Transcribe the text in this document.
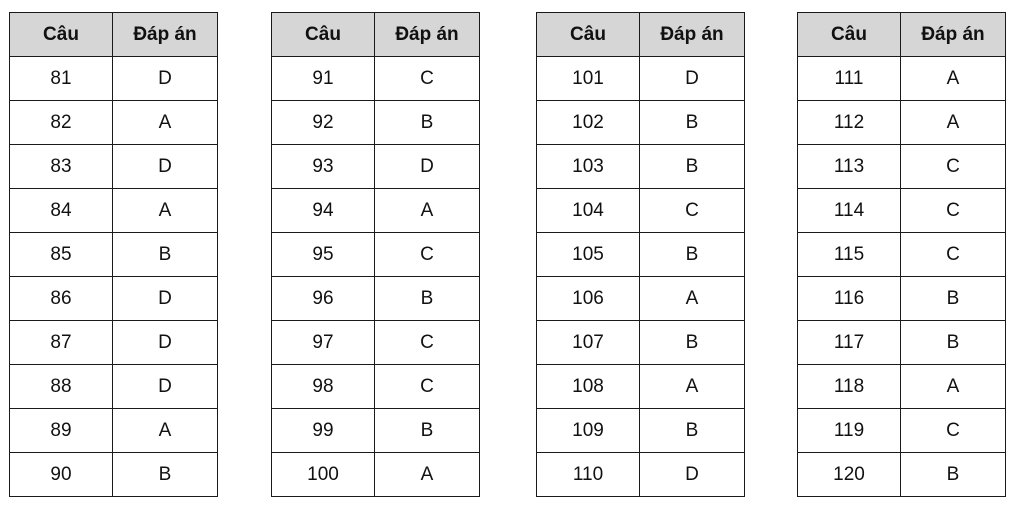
Câu	Đáp án
81	D
82	A
83	D
84	A
85	B
86	D
87	D
88	D
89	A
90	B
Câu	Đáp án
91	C
92	B
93	D
94	A
95	C
96	B
97	C
98	C
99	B
100	A
Câu	Đáp án
101	D
102	B
103	B
104	C
105	B
106	A
107	B
108	A
109	B
110	D
Câu	Đáp án
111	A
112	A
113	C
114	C
115	C
116	B
117	B
118	A
119	C
120	B
